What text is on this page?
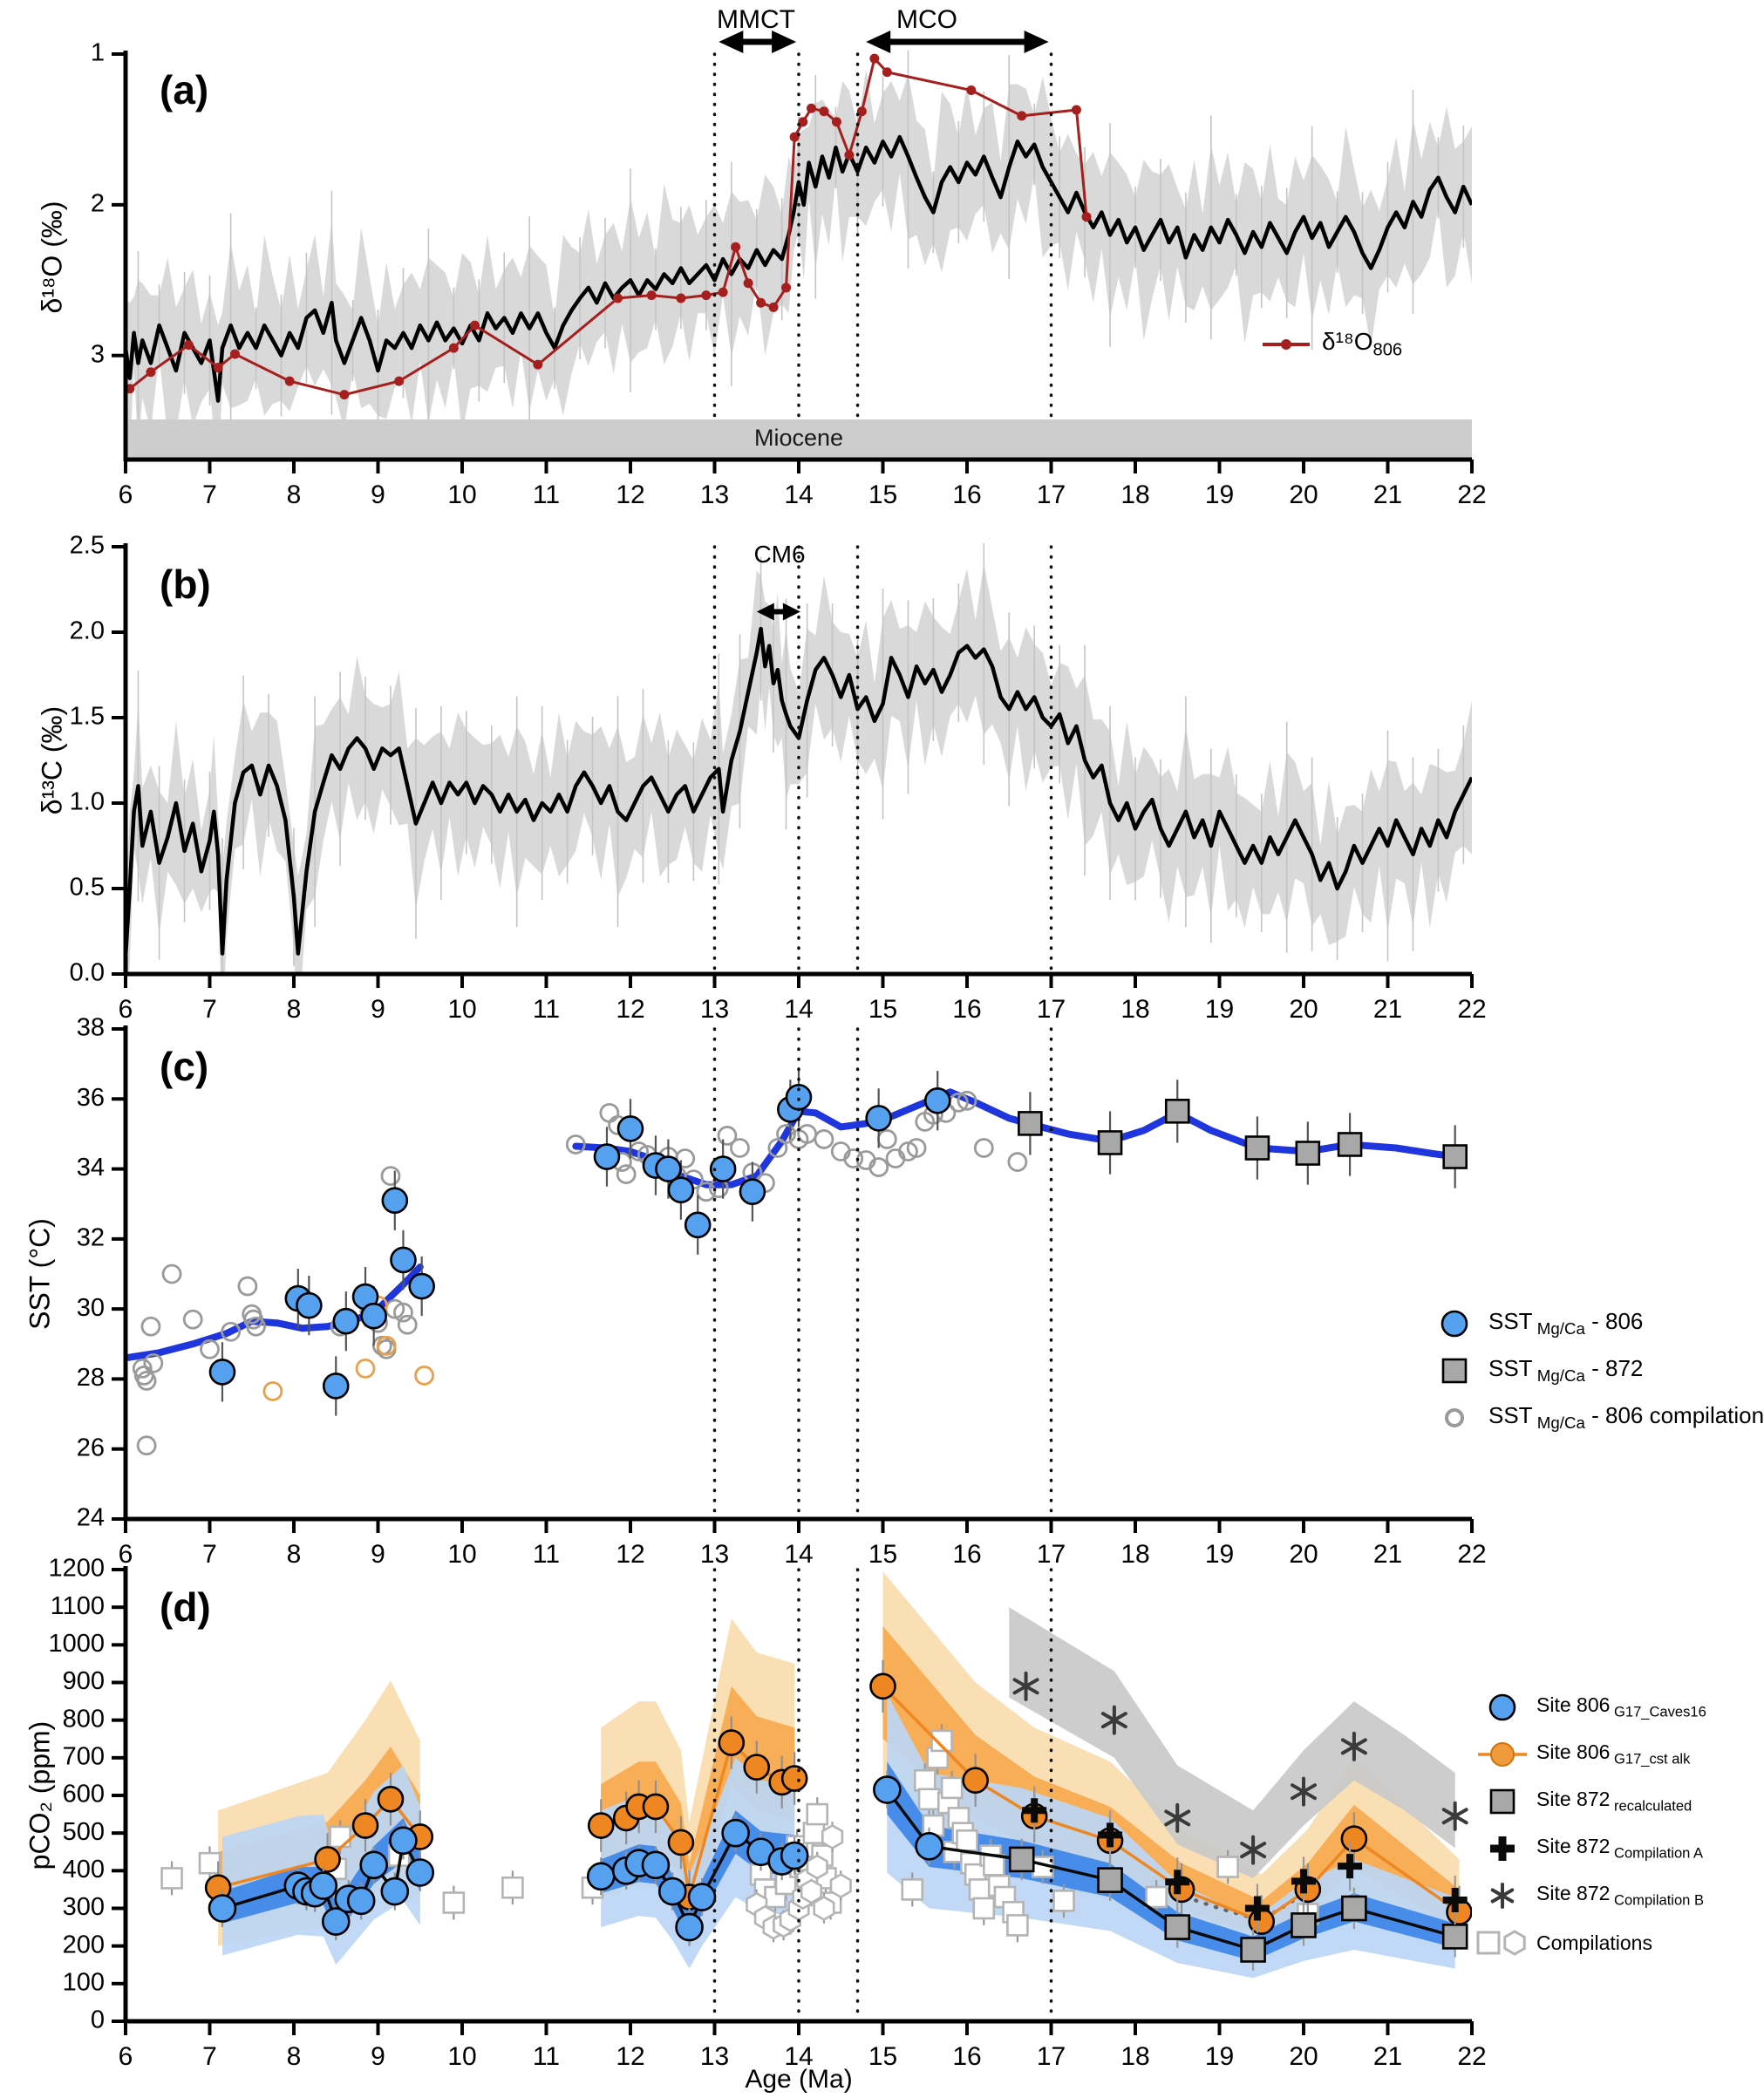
1
2
3
6	7	8	9 10 11 12 13 14 15 16 17 18 19 20 21 22
0.0
0.5
1.0
1.5
2.0
2.5
6	7	8	9 10 11 12 13 14 15 16 17 18 19 20 21 22
24
26
28
30
32
34
36
38
6	7	8	9 10 11 12 13 14 15 16 17 18 19 20 21 22
0
100
200
300
400
500
600
700
800
900
1000
1100
1200
6	7	8	9 10 11 12 13 14 15 16 17 18 19 20 21 22
(a)
(b)
(c)
(d)
δ¹⁸O (‰)
δ¹³C (‰)
SST (°C)
pCO₂ (ppm)
MMCT	MCO
CM6
Miocene
Age (Ma)
$\delta^{18}O_{806}$
SST $_{Mg/Ca}$ - 806
SST $_{Mg/Ca}$ - 872
SST $_{Mg/Ca}$ - 806 compilation
Site 806 $_{G17\_Caves16}$
Site 806 $_{G17\_cst alk}$
Site 872 $_{recalculated}$
Site 872 $_{Compilation A}$
Site 872 $_{Compilation B}$
Compilations
